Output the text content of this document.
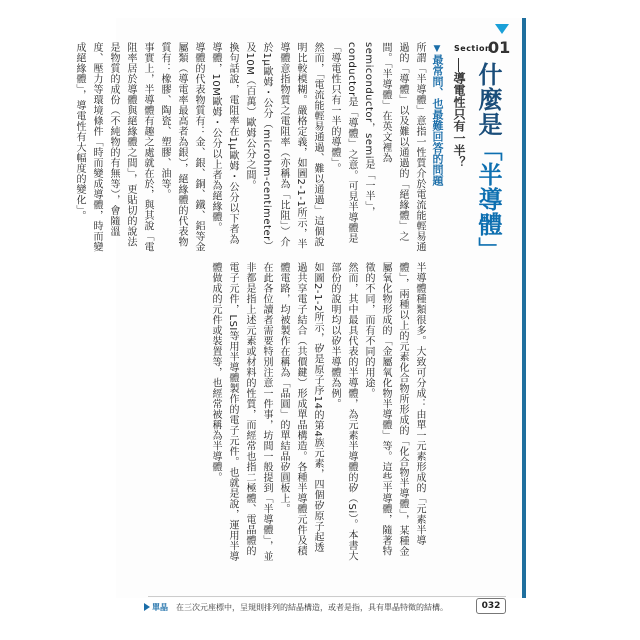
Section
01
什麼是「半導體」
導電性只有一半？
▼最常問、也最難回答的問題

所謂「半導體」意指一性質介於電流能輕易通過的「導體」以及難以通過的「絕緣體」之間。「半導體」在英文裡為semiconductor，semi是「一半」，conductor是「導體」之意。可見半導體是「導電性只有一半的導體」。

然而，「電流能輕易通過、難以通過」這個說明比較模糊。嚴格定義，如圖2-1-1所示，半導體意指物質之電阻率（亦稱為「比阻」）介於1μ歐姆・公分（microhm-centimeter）及10M（百萬）歐姆公分之間。

換句話說，電阻率在1μ歐姆・公分以下者為導體，10M歐姆・公分以上者為絕緣體。

導體的代表物質有：金、銀、銅、鐵、鋁等金屬類（導電率最高者為銀），絕緣體的代表物質有：橡膠、陶瓷、塑膠、油等。

事實上，半導體有趣之處就在於，與其說「電阻率居於導體與絕緣體之間」，更貼切的說法是物質的成份（不純物的有無等），會隨溫度、壓力等環境條件「時而變成導體，時而變成絕緣體」，導電性有大幅度的變化」。

半導體種類很多。大致可分成：由單一元素形成的「元素半導體」，兩種以上的元素化合物所形成的「化合物半導體」，某種金屬氧化物形成的「金屬氧化物半導體」等。這些半導體，隨著特徵的不同，而有不同的用途。

然而，其中最具代表的半導體，為元素半導體的矽（Si）。本書大部份的說明均以矽半導體為例。

如圖2-1-2所示，矽是原子序14的第4族元素，四個矽原子起透過共享電子結合（共價鍵）形成單晶構造。各種半導體元件及積體電路，均被製作在稱為「晶圓」的單結晶矽圓板上。

在此各位讀者需要特別注意一件事，坊間一般提到「半導體」，並非都是指上述元素或材料的性質，而經常也指二極體、電晶體的電子元件，LSI等用半導體製作的電子元件。也就是說，運用半導體做成的元件或裝置等，也經常被稱為半導體。

單晶 在三次元座標中，呈規則排列的結晶構造，或者是指，具有單晶特徵的結構。	032
